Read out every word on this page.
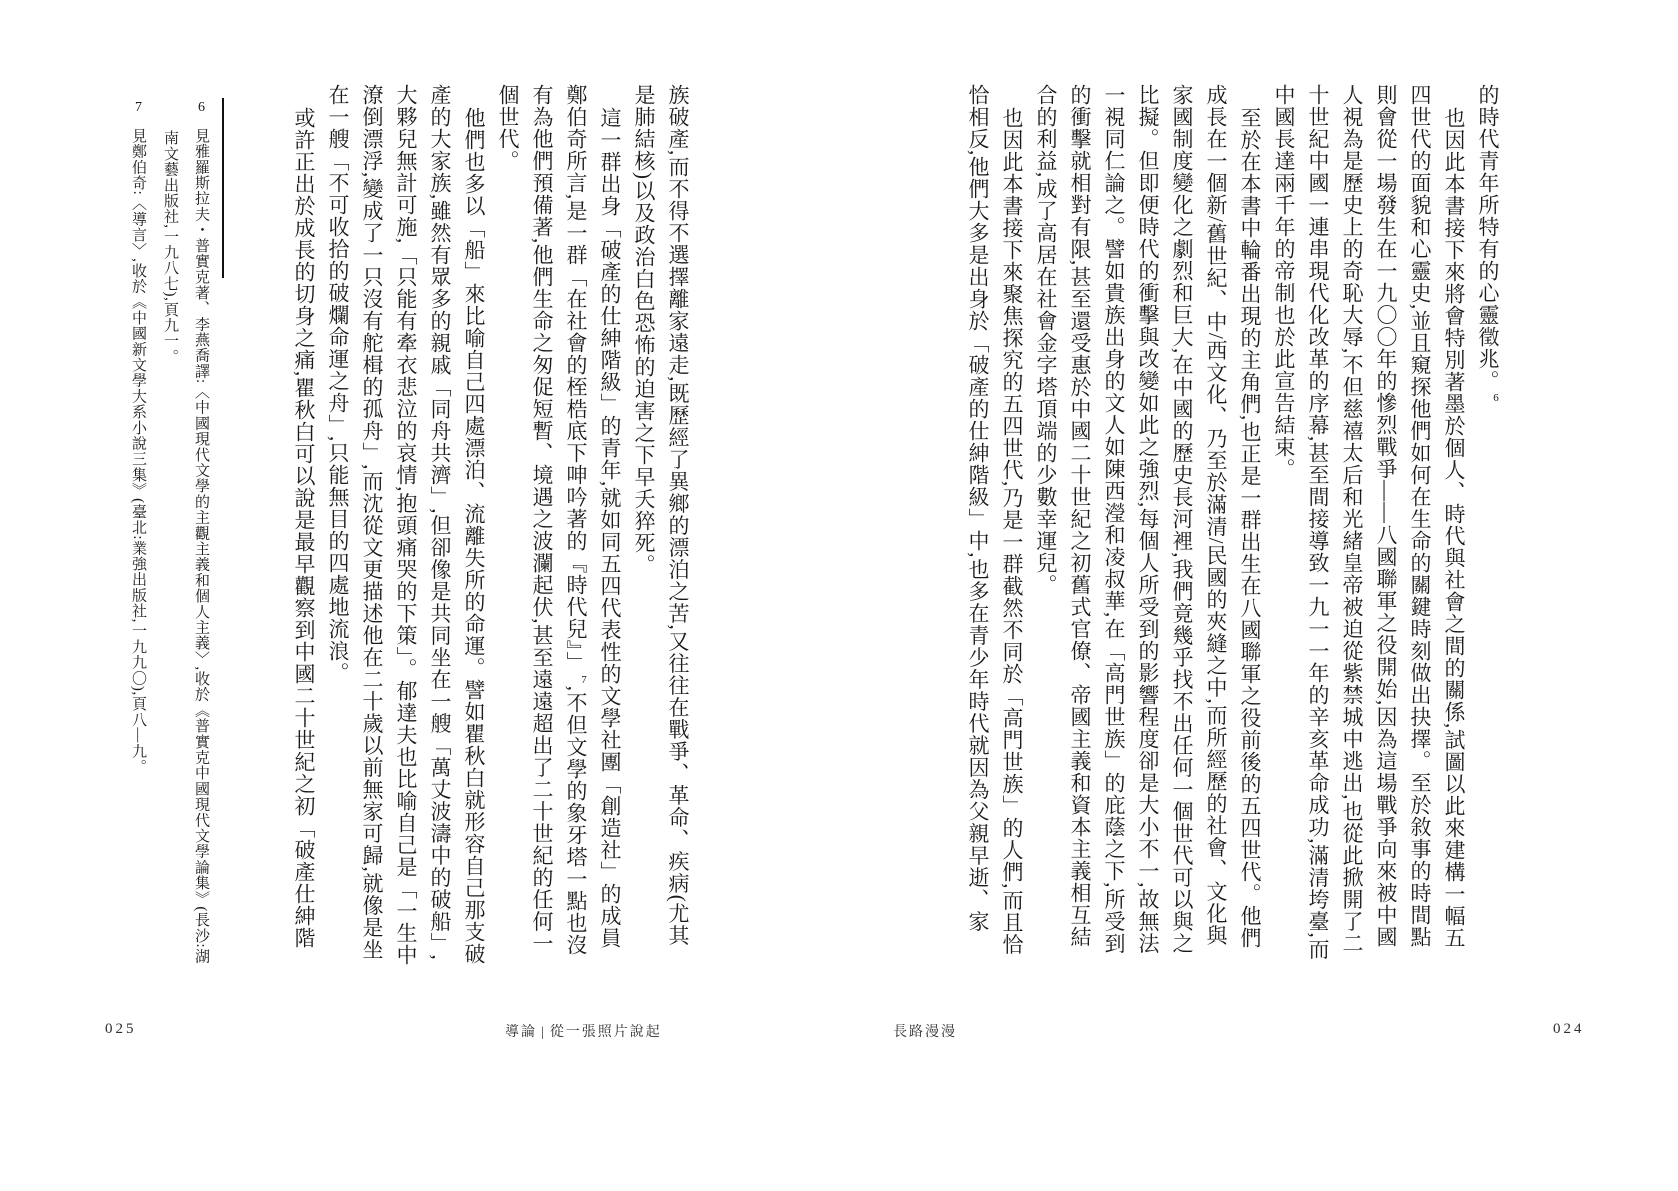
的時代青年所特有的心靈徵兆。$^6$

也因此本書接下來將會特別著墨於個人、時代與社會之間的關係,試圖以此來建構一幅五四世代的面貌和心靈史,並且窺探他們如何在生命的關鍵時刻做出抉擇。至於敘事的時間點則會從一場發生在一九〇〇年的慘烈戰爭——八國聯軍之役開始,因為這場戰爭向來被中國人視為是歷史上的奇恥大辱,不但慈禧太后和光緒皇帝被迫從紫禁城中逃出,也從此掀開了二十世紀中國一連串現代化改革的序幕,甚至間接導致一九一一年的辛亥革命成功,滿清垮臺,而中國長達兩千年的帝制也於此宣告結束。

至於在本書中輪番出現的主角們,也正是一群出生在八國聯軍之役前後的五四世代。他們成長在一個新/舊世紀、中/西文化、乃至於滿清/民國的夾縫之中,而所經歷的社會、文化與家國制度變化之劇烈和巨大,在中國的歷史長河裡,我們竟幾乎找不出任何一個世代可以與之比擬。但即便時代的衝擊與改變如此之強烈,每個人所受到的影響程度卻是大小不一,故無法一視同仁論之。譬如貴族出身的文人如陳西瀅和凌叔華,在「高門世族」的庇蔭之下,所受到的衝擊就相對有限,甚至還受惠於中國二十世紀之初舊式官僚、帝國主義和資本主義相互結合的利益,成了高居在社會金字塔頂端的少數幸運兒。

也因此本書接下來聚焦探究的五四世代,乃是一群截然不同於「高門世族」的人們,而且恰恰相反,他們大多是出身於「破產的仕紳階級」中,也多在青少年時代就因為父親早逝、家

長路漫漫	024

族破產,而不得不選擇離家遠走,既歷經了異鄉的漂泊之苦,又往往在戰爭、革命、疾病(尤其是肺結核)以及政治白色恐怖的迫害之下早夭猝死。

這一群出身「破產的仕紳階級」的青年,就如同五四代表性的文學社團「創造社」的成員鄭伯奇所言,是一群「在社會的桎梏底下呻吟著的『時代兒』」$^7$,不但文學的象牙塔一點也沒有為他們預備著,他們生命之匆促短暫、境遇之波瀾起伏,甚至遠遠超出了二十世紀的任何一個世代。

他們也多以「船」來比喻自己四處漂泊、流離失所的命運。譬如瞿秋白就形容自己那支破產的大家族,雖然有眾多的親戚「同舟共濟」,但卻像是共同坐在一艘「萬丈波濤中的破船」,大夥兒無計可施,「只能有牽衣悲泣的哀情,抱頭痛哭的下策」。郁達夫也比喻自己是「一生中潦倒漂浮,變成了一只沒有舵楫的孤舟」,而沈從文更描述他在二十歲以前無家可歸,就像是坐在一艘「不可收拾的破爛命運之舟」,只能無目的四處地流浪。

或許正出於成長的切身之痛,瞿秋白可以說是最早觀察到中國二十世紀之初「破產仕紳階

6見雅羅斯拉夫・普實克著、李燕喬譯:〈中國現代文學的主觀主義和個人主義〉,收於《普實克中國現代文學論集》(長沙:湖南文藝出版社,一九八七),頁九一。
7見鄭伯奇:〈導言〉,收於《中國新文學大系小說三集》(臺北:業強出版社,一九九〇),頁八—九。
導論 | 從一張照片說起
025
